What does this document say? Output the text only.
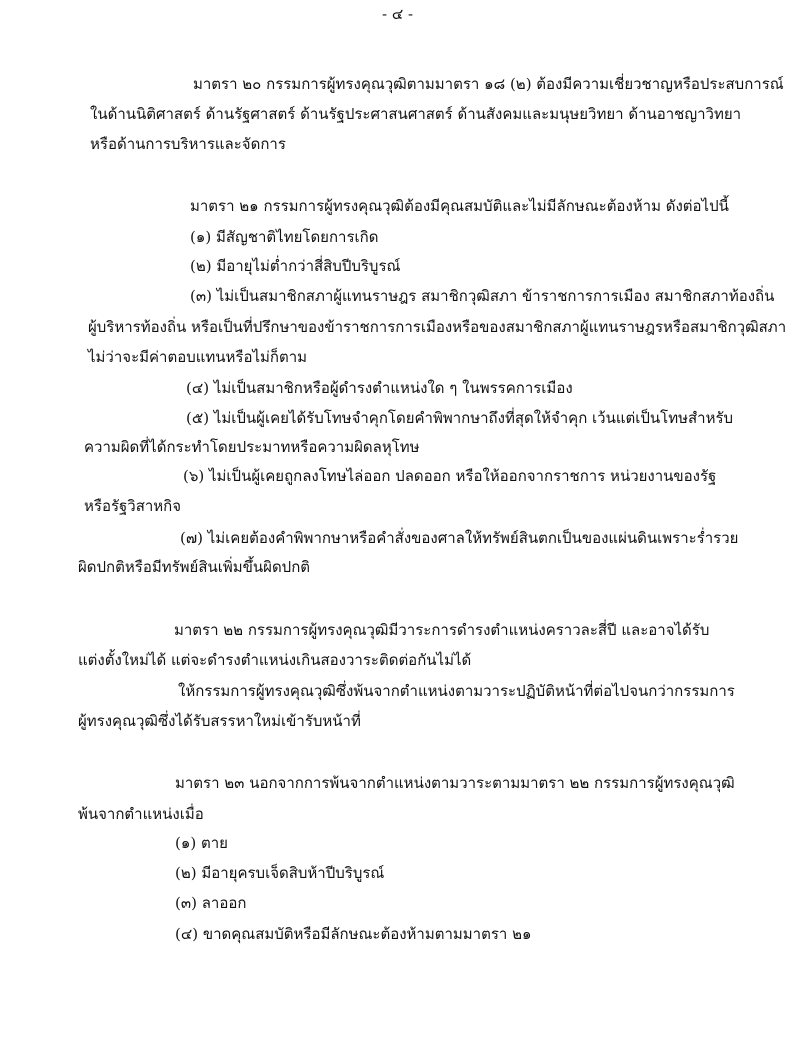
- ๔ -
มาตรา ๒๐ กรรมการผู้ทรงคุณวุฒิตามมาตรา ๑๘ (๒) ต้องมีความเชี่ยวชาญหรือประสบการณ์
ในด้านนิติศาสตร์ ด้านรัฐศาสตร์ ด้านรัฐประศาสนศาสตร์ ด้านสังคมและมนุษยวิทยา ด้านอาชญาวิทยา
หรือด้านการบริหารและจัดการ
มาตรา ๒๑ กรรมการผู้ทรงคุณวุฒิต้องมีคุณสมบัติและไม่มีลักษณะต้องห้าม ดังต่อไปนี้
(๑) มีสัญชาติไทยโดยการเกิด
(๒) มีอายุไม่ต่ำกว่าสี่สิบปีบริบูรณ์
(๓) ไม่เป็นสมาชิกสภาผู้แทนราษฎร สมาชิกวุฒิสภา ข้าราชการการเมือง สมาชิกสภาท้องถิ่น
ผู้บริหารท้องถิ่น หรือเป็นที่ปรึกษาของข้าราชการการเมืองหรือของสมาชิกสภาผู้แทนราษฎรหรือสมาชิกวุฒิสภา
ไม่ว่าจะมีค่าตอบแทนหรือไม่ก็ตาม
(๔) ไม่เป็นสมาชิกหรือผู้ดำรงตำแหน่งใด ๆ ในพรรคการเมือง
(๕) ไม่เป็นผู้เคยได้รับโทษจำคุกโดยคำพิพากษาถึงที่สุดให้จำคุก เว้นแต่เป็นโทษสำหรับ
ความผิดที่ได้กระทำโดยประมาทหรือความผิดลหุโทษ
(๖) ไม่เป็นผู้เคยถูกลงโทษไล่ออก ปลดออก หรือให้ออกจากราชการ หน่วยงานของรัฐ
หรือรัฐวิสาหกิจ
(๗) ไม่เคยต้องคำพิพากษาหรือคำสั่งของศาลให้ทรัพย์สินตกเป็นของแผ่นดินเพราะร่ำรวย
ผิดปกติหรือมีทรัพย์สินเพิ่มขึ้นผิดปกติ
มาตรา ๒๒ กรรมการผู้ทรงคุณวุฒิมีวาระการดำรงตำแหน่งคราวละสี่ปี และอาจได้รับ
แต่งตั้งใหม่ได้ แต่จะดำรงตำแหน่งเกินสองวาระติดต่อกันไม่ได้
ให้กรรมการผู้ทรงคุณวุฒิซึ่งพ้นจากตำแหน่งตามวาระปฏิบัติหน้าที่ต่อไปจนกว่ากรรมการ
ผู้ทรงคุณวุฒิซึ่งได้รับสรรหาใหม่เข้ารับหน้าที่
มาตรา ๒๓ นอกจากการพ้นจากตำแหน่งตามวาระตามมาตรา ๒๒ กรรมการผู้ทรงคุณวุฒิ
พ้นจากตำแหน่งเมื่อ
(๑) ตาย
(๒) มีอายุครบเจ็ดสิบห้าปีบริบูรณ์
(๓) ลาออก
(๔) ขาดคุณสมบัติหรือมีลักษณะต้องห้ามตามมาตรา ๒๑
